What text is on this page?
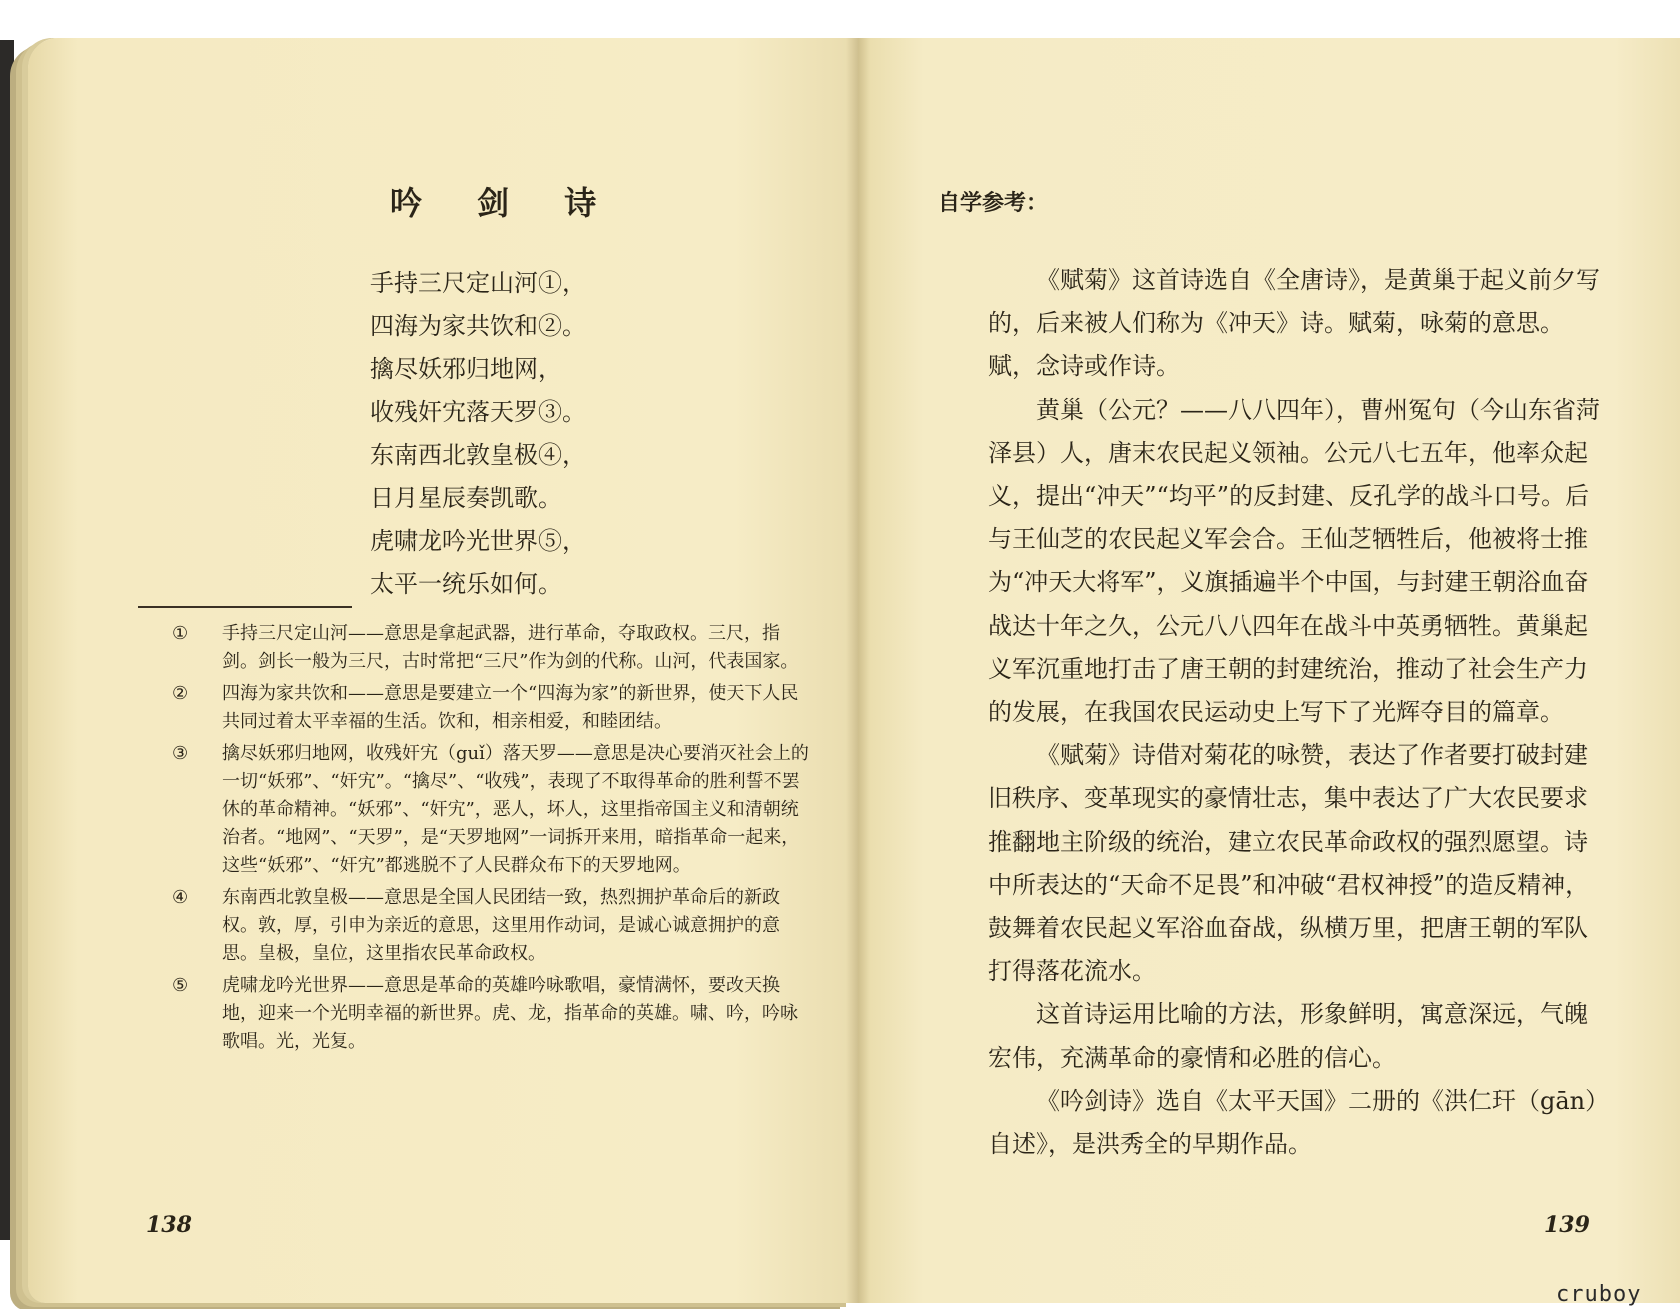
吟 剑 诗
手持三尺定山河①，
四海为家共饮和②。
擒尽妖邪归地网，
收残奸宄落天罗③。
东南西北敦皇极④，
日月星辰奏凯歌。
虎啸龙吟光世界⑤，
太平一统乐如何。
① 手持三尺定山河——意思是拿起武器，进行革命，夺取政权。三尺，指剑。剑长一般为三尺，古时常把“三尺”作为剑的代称。山河，代表国家。
② 四海为家共饮和——意思是要建立一个“四海为家”的新世界，使天下人民共同过着太平幸福的生活。饮和，相亲相爱，和睦团结。
③ 擒尽妖邪归地网，收残奸宄（guǐ）落天罗——意思是决心要消灭社会上的一切“妖邪”、“奸宄”。“擒尽”、“收残”，表现了不取得革命的胜利誓不罢休的革命精神。“妖邪”、“奸宄”，恶人，坏人，这里指帝国主义和清朝统治者。“地网”、“天罗”，是“天罗地网”一词拆开来用，暗指革命一起来，这些“妖邪”、“奸宄”都逃脱不了人民群众布下的天罗地网。
④ 东南西北敦皇极——意思是全国人民团结一致，热烈拥护革命后的新政权。敦，厚，引申为亲近的意思，这里用作动词，是诚心诚意拥护的意思。皇极，皇位，这里指农民革命政权。
⑤ 虎啸龙吟光世界——意思是革命的英雄吟咏歌唱，豪情满怀，要改天换地，迎来一个光明幸福的新世界。虎、龙，指革命的英雄。啸、吟，吟咏歌唱。光，光复。
138
自学参考：

《赋菊》这首诗选自《全唐诗》，是黄巢于起义前夕写的，后来被人们称为《冲天》诗。赋菊，咏菊的意思。赋，念诗或作诗。

黄巢（公元？——八八四年），曹州冤句（今山东省菏泽县）人，唐末农民起义领袖。公元八七五年，他率众起义，提出“冲天”“均平”的反封建、反孔学的战斗口号。后与王仙芝的农民起义军会合。王仙芝牺牲后，他被将士推为“冲天大将军”，义旗插遍半个中国，与封建王朝浴血奋战达十年之久，公元八八四年在战斗中英勇牺牲。黄巢起义军沉重地打击了唐王朝的封建统治，推动了社会生产力的发展，在我国农民运动史上写下了光辉夺目的篇章。

《赋菊》诗借对菊花的咏赞，表达了作者要打破封建旧秩序、变革现实的豪情壮志，集中表达了广大农民要求推翻地主阶级的统治，建立农民革命政权的强烈愿望。诗中所表达的“天命不足畏”和冲破“君权神授”的造反精神，鼓舞着农民起义军浴血奋战，纵横万里，把唐王朝的军队打得落花流水。

这首诗运用比喻的方法，形象鲜明，寓意深远，气魄宏伟，充满革命的豪情和必胜的信心。

《吟剑诗》选自《太平天国》二册的《洪仁玕（gān）自述》，是洪秀全的早期作品。

139
cruboy
